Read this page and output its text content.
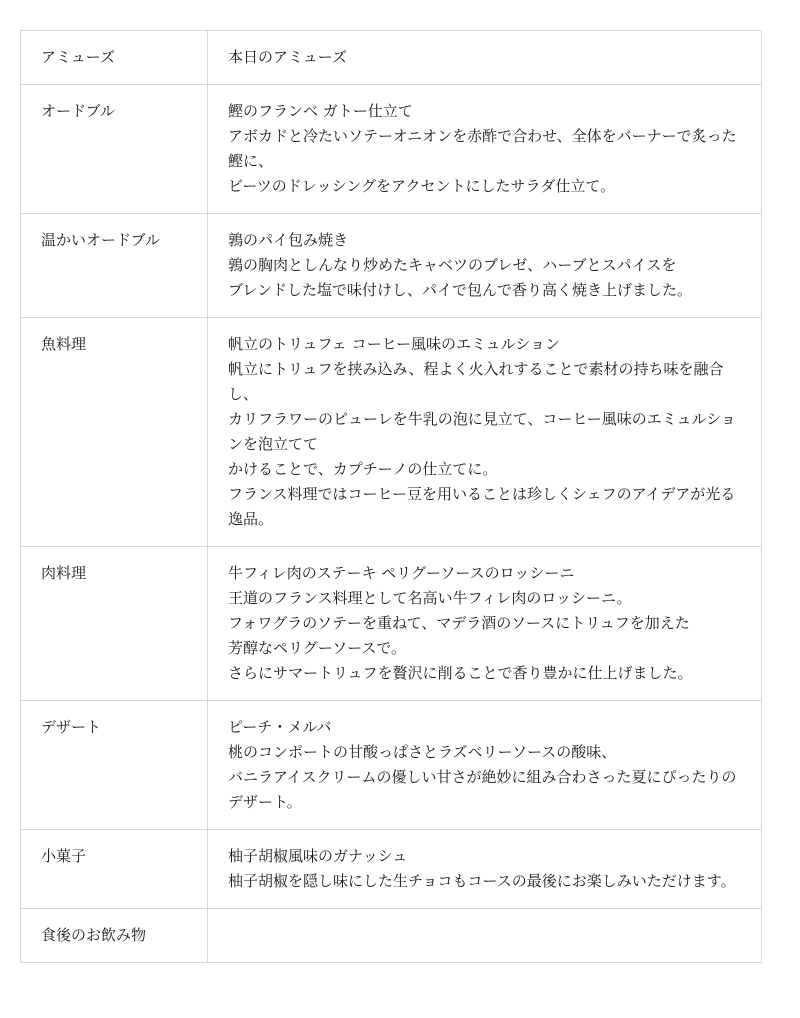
アミューズ	本日のアミューズ

オードブル	鰹のフランベ ガトー仕立て
アボカドと冷たいソテーオニオンを赤酢で合わせ、全体をバーナーで炙った鰹に、
ビーツのドレッシングをアクセントにしたサラダ仕立て。

温かいオードブル	鶉のパイ包み焼き
鶉の胸肉としんなり炒めたキャベツのブレゼ、ハーブとスパイスを
ブレンドした塩で味付けし、パイで包んで香り高く焼き上げました。

魚料理	帆立のトリュフェ コーヒー風味のエミュルション
帆立にトリュフを挟み込み、程よく火入れすることで素材の持ち味を融合し、
カリフラワーのピューレを牛乳の泡に見立て、コーヒー風味のエミュルションを泡立てて
かけることで、カプチーノの仕立てに。
フランス料理ではコーヒー豆を用いることは珍しくシェフのアイデアが光る逸品。

肉料理	牛フィレ肉のステーキ ペリグーソースのロッシーニ
王道のフランス料理として名高い牛フィレ肉のロッシーニ。
フォワグラのソテーを重ねて、マデラ酒のソースにトリュフを加えた
芳醇なペリグーソースで。
さらにサマートリュフを贅沢に削ることで香り豊かに仕上げました。

デザート	ピーチ・メルバ
桃のコンポートの甘酸っぱさとラズベリーソースの酸味、
バニラアイスクリームの優しい甘さが絶妙に組み合わさった夏にぴったりのデザート。

小菓子	柚子胡椒風味のガナッシュ
柚子胡椒を隠し味にした生チョコもコースの最後にお楽しみいただけます。

食後のお飲み物	
